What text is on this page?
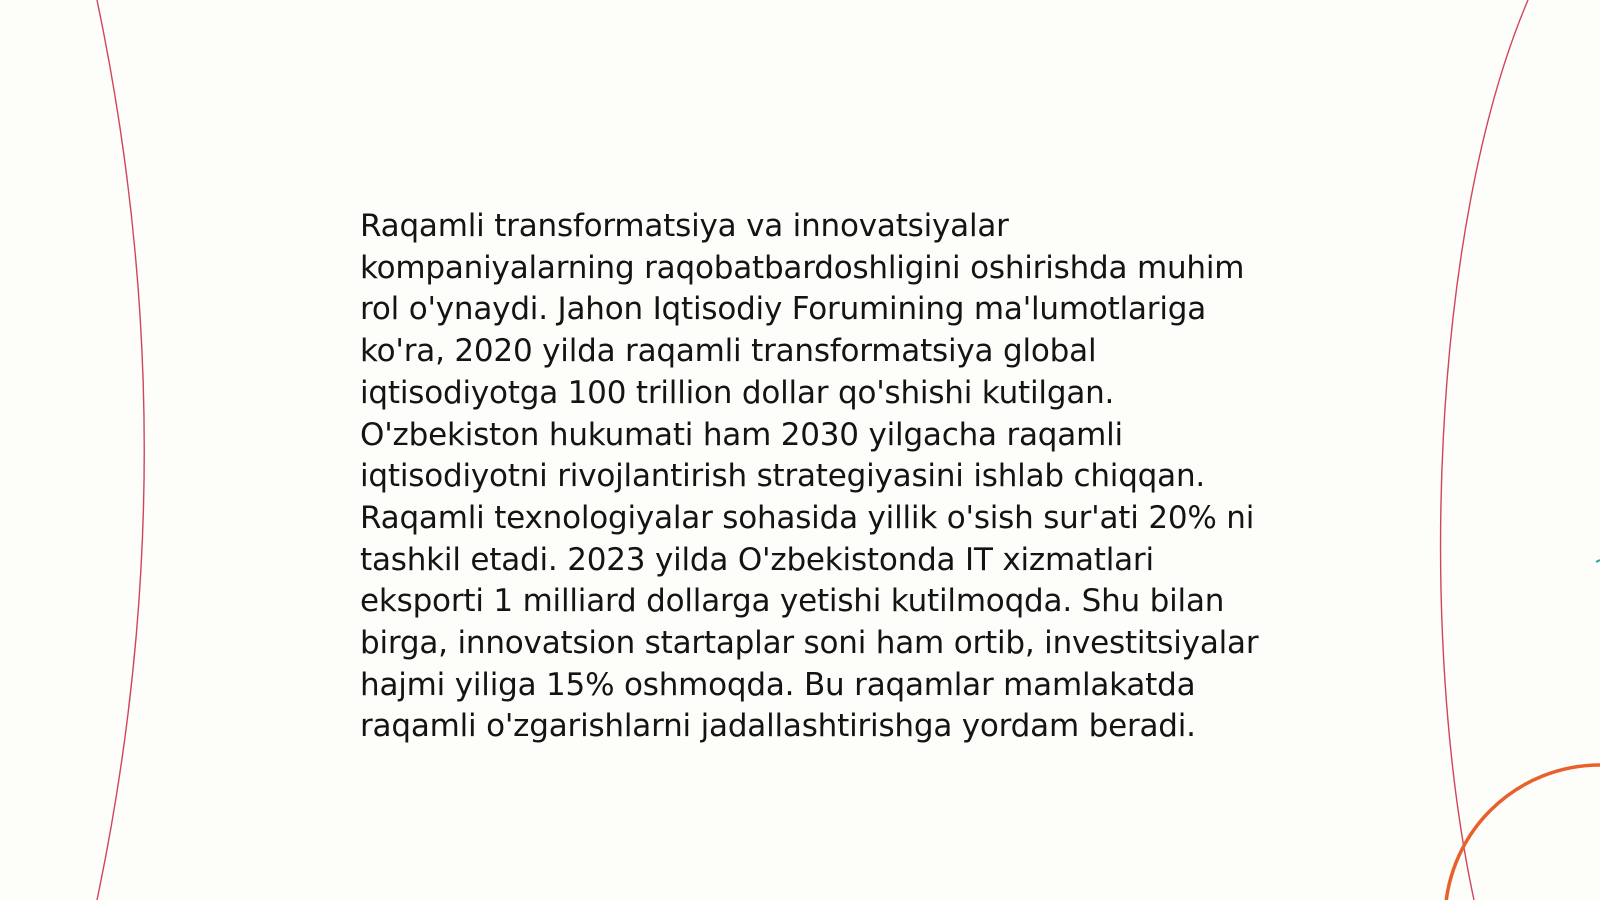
Raqamli transformatsiya va innovatsiyalar kompaniyalarning raqobatbardoshligini oshirishda muhim rol o'ynaydi. Jahon Iqtisodiy Forumining ma'lumotlariga ko'ra, 2020 yilda raqamli transformatsiya global iqtisodiyotga 100 trillion dollar qo'shishi kutilgan. O'zbekiston hukumati ham 2030 yilgacha raqamli iqtisodiyotni rivojlantirish strategiyasini ishlab chiqqan. Raqamli texnologiyalar sohasida yillik o'sish sur'ati 20% ni tashkil etadi. 2023 yilda O'zbekistonda IT xizmatlari eksporti 1 milliard dollarga yetishi kutilmoqda. Shu bilan birga, innovatsion startaplar soni ham ortib, investitsiyalar hajmi yiliga 15% oshmoqda. Bu raqamlar mamlakatda raqamli o'zgarishlarni jadallashtirishga yordam beradi.
